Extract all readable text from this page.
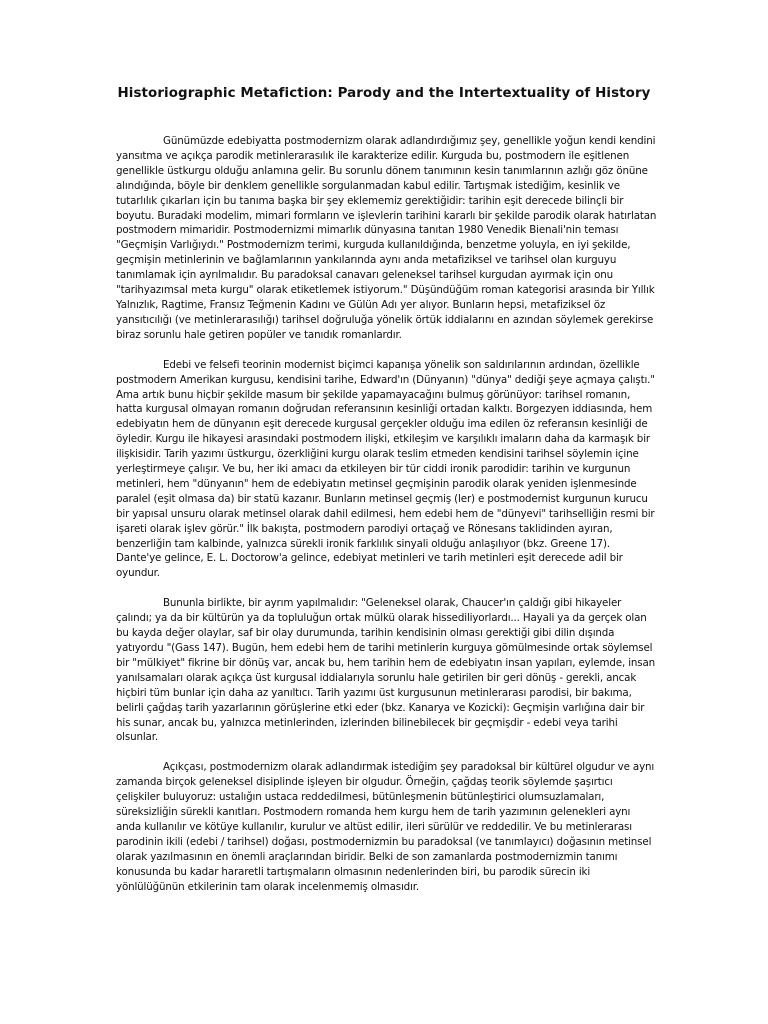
Historiographic Metafiction: Parody and the Intertextuality of History

Günümüzde edebiyatta postmodernizm olarak adlandırdığımız şey, genellikle yoğun kendi kendini yansıtma ve açıkça parodik metinlerarasılık ile karakterize edilir. Kurguda bu, postmodern ile eşitlenen genellikle üstkurgu olduğu anlamına gelir. Bu sorunlu dönem tanımının kesin tanımlarının azlığı göz önüne alındığında, böyle bir denklem genellikle sorgulanmadan kabul edilir. Tartışmak istediğim, kesinlik ve tutarlılık çıkarları için bu tanıma başka bir şey eklememiz gerektiğidir: tarihin eşit derecede bilinçli bir boyutu. Buradaki modelim, mimari formların ve işlevlerin tarihini kararlı bir şekilde parodik olarak hatırlatan postmodern mimaridir. Postmodernizmi mimarlık dünyasına tanıtan 1980 Venedik Bienali'nin teması "Geçmişin Varlığıydı." Postmodernizm terimi, kurguda kullanıldığında, benzetme yoluyla, en iyi şekilde, geçmişin metinlerinin ve bağlamlarının yankılarında aynı anda metafiziksel ve tarihsel olan kurguyu tanımlamak için ayrılmalıdır. Bu paradoksal canavarı geleneksel tarihsel kurgudan ayırmak için onu "tarihyazımsal meta kurgu" olarak etiketlemek istiyorum." Düşündüğüm roman kategorisi arasında bir Yıllık Yalnızlık, Ragtime, Fransız Teğmenin Kadını ve Gülün Adı yer alıyor. Bunların hepsi, metafiziksel öz yansıtıcılığı (ve metinlerarasılığı) tarihsel doğruluğa yönelik örtük iddialarını en azından söylemek gerekirse biraz sorunlu hale getiren popüler ve tanıdık romanlardır.

Edebi ve felsefi teorinin modernist biçimci kapanışa yönelik son saldırılarının ardından, özellikle postmodern Amerikan kurgusu, kendisini tarihe, Edward'ın (Dünyanın) "dünya" dediği şeye açmaya çalıştı." Ama artık bunu hiçbir şekilde masum bir şekilde yapamayacağını bulmuş görünüyor: tarihsel romanın, hatta kurgusal olmayan romanın doğrudan referansının kesinliği ortadan kalktı. Borgezyen iddiasında, hem edebiyatın hem de dünyanın eşit derecede kurgusal gerçekler olduğu ima edilen öz referansın kesinliği de öyledir. Kurgu ile hikayesi arasındaki postmodern ilişki, etkileşim ve karşılıklı imaların daha da karmaşık bir ilişkisidir. Tarih yazımı üstkurgu, özerkliğini kurgu olarak teslim etmeden kendisini tarihsel söylemin içine yerleştirmeye çalışır. Ve bu, her iki amacı da etkileyen bir tür ciddi ironik parodidir: tarihin ve kurgunun metinleri, hem "dünyanın" hem de edebiyatın metinsel geçmişinin parodik olarak yeniden işlenmesinde paralel (eşit olmasa da) bir statü kazanır. Bunların metinsel geçmiş (ler) e postmodernist kurgunun kurucu bir yapısal unsuru olarak metinsel olarak dahil edilmesi, hem edebi hem de "dünyevi" tarihselliğin resmi bir işareti olarak işlev görür." İlk bakışta, postmodern parodiyi ortaçağ ve Rönesans taklidinden ayıran, benzerliğin tam kalbinde, yalnızca sürekli ironik farklılık sinyali olduğu anlaşılıyor (bkz. Greene 17). Dante'ye gelince, E. L. Doctorow'a gelince, edebiyat metinleri ve tarih metinleri eşit derecede adil bir oyundur.

Bununla birlikte, bir ayrım yapılmalıdır: "Geleneksel olarak, Chaucer'ın çaldığı gibi hikayeler çalındı; ya da bir kültürün ya da topluluğun ortak mülkü olarak hissediliyorlardı... Hayali ya da gerçek olan bu kayda değer olaylar, saf bir olay durumunda, tarihin kendisinin olması gerektiği gibi dilin dışında yatıyordu "(Gass 147). Bugün, hem edebi hem de tarihi metinlerin kurguya gömülmesinde ortak söylemsel bir "mülkiyet" fikrine bir dönüş var, ancak bu, hem tarihin hem de edebiyatın insan yapıları, eylemde, insan yanılsamaları olarak açıkça üst kurgusal iddialarıyla sorunlu hale getirilen bir geri dönüş - gerekli, ancak hiçbiri tüm bunlar için daha az yanıltıcı. Tarih yazımı üst kurgusunun metinlerarası parodisi, bir bakıma, belirli çağdaş tarih yazarlarının görüşlerine etki eder (bkz. Kanarya ve Kozicki): Geçmişin varlığına dair bir his sunar, ancak bu, yalnızca metinlerinden, izlerinden bilinebilecek bir geçmişdir - edebi veya tarihi olsunlar.

Açıkçası, postmodernizm olarak adlandırmak istediğim şey paradoksal bir kültürel olgudur ve aynı zamanda birçok geleneksel disiplinde işleyen bir olgudur. Örneğin, çağdaş teorik söylemde şaşırtıcı çelişkiler buluyoruz: ustalığın ustaca reddedilmesi, bütünleşmenin bütünleştirici olumsuzlamaları, süreksizliğin sürekli kanıtları. Postmodern romanda hem kurgu hem de tarih yazımının gelenekleri aynı anda kullanılır ve kötüye kullanılır, kurulur ve altüst edilir, ileri sürülür ve reddedilir. Ve bu metinlerarası parodinin ikili (edebi / tarihsel) doğası, postmodernizmin bu paradoksal (ve tanımlayıcı) doğasının metinsel olarak yazılmasının en önemli araçlarından biridir. Belki de son zamanlarda postmodernizmin tanımı konusunda bu kadar hararetli tartışmaların olmasının nedenlerinden biri, bu parodik sürecin iki yönlülüğünün etkilerinin tam olarak incelenmemiş olmasıdır.
